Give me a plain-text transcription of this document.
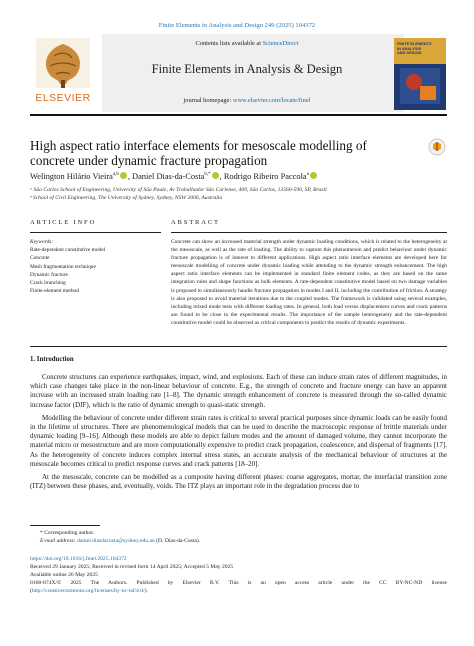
Finite Elements in Analysis and Design 249 (2025) 104372
ELSEVIER
Contents lists available at ScienceDirect
Finite Elements in Analysis & Design
journal homepage: www.elsevier.com/locate/finel
FINITE ELEMENTS
IN ANALYSIS
AND DESIGN
High aspect ratio interface elements for mesoscale modelling of
concrete under dynamic fracture propagation
Welington Hilário Vieira$^{a,b}$ , Daniel Dias-da-Costa$^{b,*}$ , Rodrigo Ribeiro Paccola$^a$
ᵃ São Carlos School of Engineering, University of São Paulo, Av Trabalhador São Carlense, 400, São Carlos, 13560-590, SP, Brazil
ᵇ School of Civil Engineering, The University of Sydney, Sydney, NSW 2006, Australia
ARTICLE INFO	ABSTRACT
Keywords:
Rate-dependent constitutive model
Concrete
Mesh fragmentation technique
Dynamic fracture
Crack branching
Finite-element method
Concrete can show an increased material strength under dynamic loading conditions, which is related to the heterogeneity at the mesoscale, as well as the rate of loading. The ability to capture this phenomenon and predict behaviour under dynamic fracture propagation is of interest to different applications. High aspect ratio interface elements are developed here for mesoscale modelling of concrete under dynamic loading while attending to the dynamic strength enhancement. The high aspect ratio interface elements can be implemented in standard finite element codes, as they are based on the same integration rules and shape functions as bulk elements. A rate-dependent constitutive model based on two damage variables is proposed to simultaneously handle fracture propagation in modes I and II, including the contribution of friction. A strategy is also proposed to avoid material iterations due to the coupled modes. The framework is validated using several examples, including mixed mode tests with different loading rates. In general, both load versus displacement curves and crack patterns are found to be close to the experimental results. The importance of the sample heterogeneity and the rate-dependent constitutive model could be observed as critical components to predict the results of dynamic experiments.
1. Introduction

Concrete structures can experience earthquakes, impact, wind, and explosions. Each of these can induce strain rates of different magnitudes, in which case changes take place in the non-linear behaviour of concrete. E.g., the strength of concrete and fracture energy can have an apparent increase with an increased strain loading rate [1–8]. The dynamic strength enhancement of concrete is measured through the so-called dynamic increase factor (DIF), which is the ratio of dynamic strength to quasi-static strength.

Modelling the behaviour of concrete under different strain rates is critical to several practical purposes since dynamic loads can be easily found in the lifetime of structures. There are phenomenological models that can be used to describe the macroscopic response of brittle materials under dynamic loading [9–16]. Although these models are able to depict failure modes and the amount of damaged volume, they cannot incorporate the material micro or mesostructure and are more computationally expensive to predict crack propagation, coalescence, and dispersal of fragments [17]. As the heterogeneity of concrete induces complex internal stress states, an accurate analysis of the mechanical behaviour of structures at the mesoscale becomes critical to predict response curves and crack patterns [18–20].

At the mesoscale, concrete can be modelled as a composite having different phases: coarse aggregates, mortar, the interfacial transition zone (ITZ) between these phases, and, eventually, voids. The ITZ plays an important role in the degradation process due to

* Corresponding author.
E-mail address: daniel.diasdacosta@sydney.edu.au (D. Dias-da-Costa).
https://doi.org/10.1016/j.finel.2025.104372
Received 29 January 2025; Received in revised form 14 April 2025; Accepted 5 May 2025
Available online 26 May 2025
0168-874X/© 2025 The Authors. Published by Elsevier B.V. This is an open access article under the CC BY-NC-ND license
(http://creativecommons.org/licenses/by-nc-nd/4.0/).
